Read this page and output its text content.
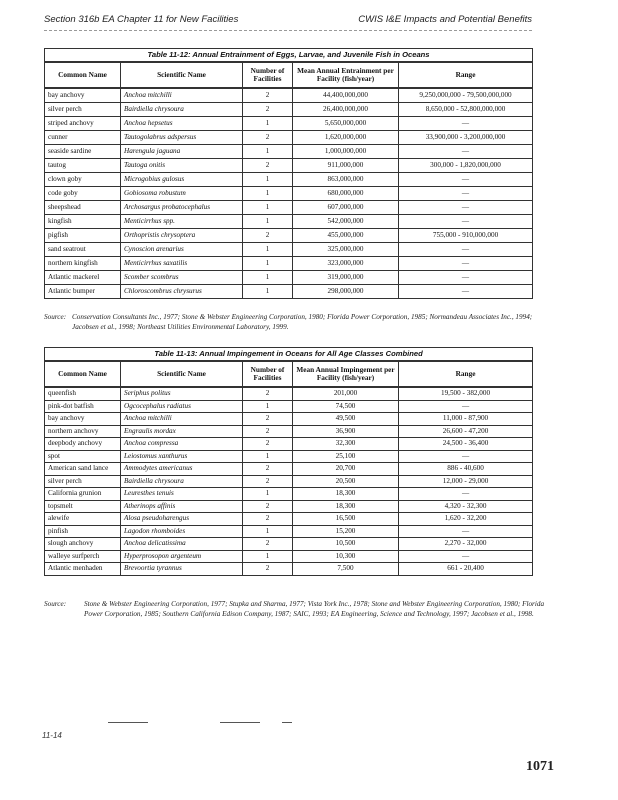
Section 316b EA Chapter 11 for New Facilities	CWIS I&E Impacts and Potential Benefits
Table 11-12: Annual Entrainment of Eggs, Larvae, and Juvenile Fish in Oceans				
Common Name	Scientific Name	Number of Facilities	Mean Annual Entrainment per Facility (fish/year)	Range
bay anchovy	Anchoa mitchilli	2	44,400,000,000	9,250,000,000 - 79,500,000,000
silver perch	Bairdiella chrysoura	2	26,400,000,000	8,650,000 - 52,800,000,000
striped anchovy	Anchoa hepsetus	1	5,650,000,000	—
cunner	Tautogolabrus adspersus	2	1,620,000,000	33,900,000 - 3,200,000,000
seaside sardine	Harengula jaguana	1	1,000,000,000	—
tautog	Tautoga onitis	2	911,000,000	300,000 - 1,820,000,000
clown goby	Microgobius gulosus	1	863,000,000	—
code goby	Gobiosoma robustum	1	680,000,000	—
sheepshead	Archosargus probatocephalus	1	607,000,000	—
kingfish	Menticirrhus spp.	1	542,000,000	—
pigfish	Orthopristis chrysoptera	2	455,000,000	755,000 - 910,000,000
sand seatrout	Cynoscion arenarius	1	325,000,000	—
northern kingfish	Menticirrhus saxatilis	1	323,000,000	—
Atlantic mackerel	Scomber scombrus	1	319,000,000	—
Atlantic bumper	Chloroscombrus chrysurus	1	298,000,000	—
Source: Conservation Consultants Inc., 1977; Stone & Webster Engineering Corporation, 1980; Florida Power Corporation, 1985; Normandeau Associates Inc., 1994; Jacobsen et al., 1998; Northeast Utilities Environmental Laboratory, 1999.
Table 11-13: Annual Impingement in Oceans for All Age Classes Combined				
Common Name	Scientific Name	Number of Facilities	Mean Annual Impingement per Facility (fish/year)	Range
queenfish	Seriphus politus	2	201,000	19,500 - 382,000
pink-dot batfish	Ogcocephalus radiatus	1	74,500	—
bay anchovy	Anchoa mitchilli	2	49,500	11,000 - 87,900
northern anchovy	Engraulis mordax	2	36,900	26,600 - 47,200
deepbody anchovy	Anchoa compressa	2	32,300	24,500 - 36,400
spot	Leiostomus xanthurus	1	25,100	—
American sand lance	Ammodytes americanus	2	20,700	886 - 40,600
silver perch	Bairdiella chrysoura	2	20,500	12,000 - 29,000
California grunion	Leuresthes tenuis	1	18,300	—
topsmelt	Atherinops affinis	2	18,300	4,320 - 32,300
alewife	Alosa pseudoharengus	2	16,500	1,620 - 32,200
pinfish	Lagodon rhomboides	1	15,200	—
slough anchovy	Anchoa delicatissima	2	10,500	2,270 - 32,000
walleye surfperch	Hyperprosopon argenteum	1	10,300	—
Atlantic menhaden	Brevoortia tyrannus	2	7,500	661 - 20,400
Source: Stone & Webster Engineering Corporation, 1977; Stupka and Sharma, 1977; Vista York Inc., 1978; Stone and Webster Engineering Corporation, 1980; Florida Power Corporation, 1985; Southern California Edison Company, 1987; SAIC, 1993; EA Engineering, Science and Technology, 1997; Jacobsen et al., 1998.
11-14
1071
